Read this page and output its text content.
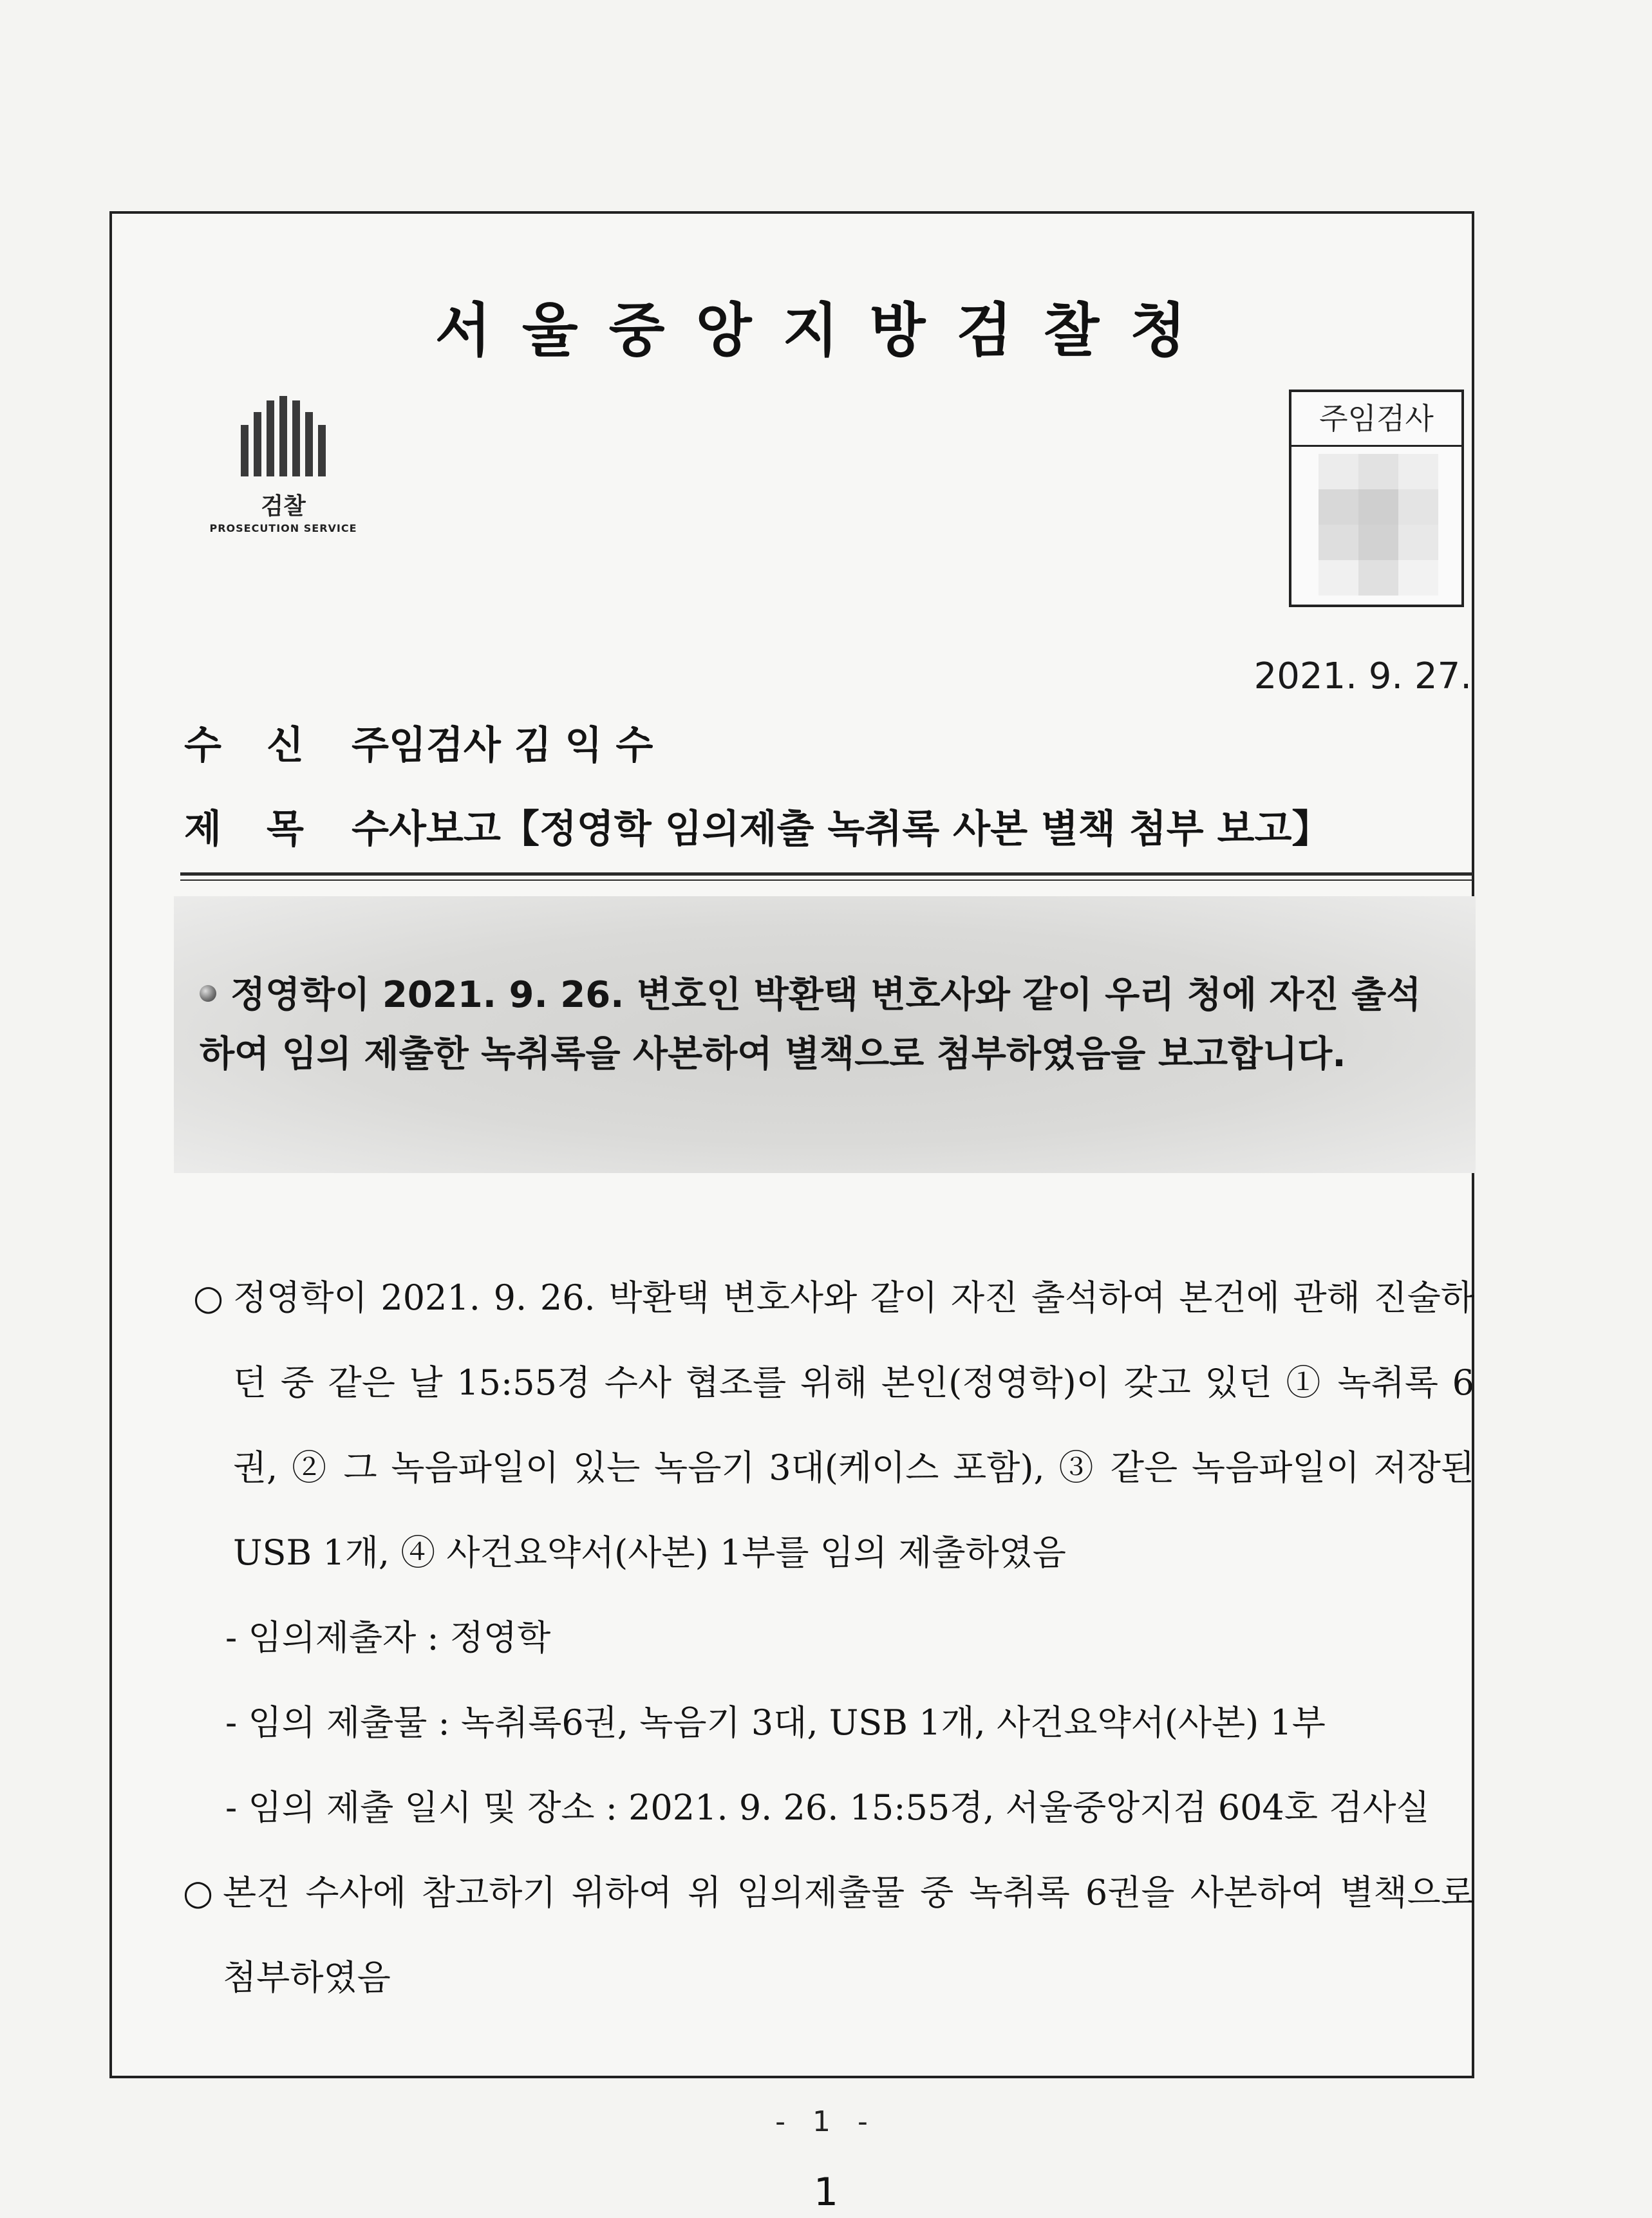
서울중앙지방검찰청
검찰
PROSECUTION SERVICE
주임검사
2021. 9. 27.
수신주임검사 김 익 수
제목수사보고【정영학 임의제출 녹취록 사본 별책 첨부 보고】
정영학이 2021. 9. 26. 변호인 박환택 변호사와 같이 우리 청에 자진 출석하여 임의 제출한 녹취록을 사본하여 별책으로 첨부하였음을 보고합니다.
○ 정영학이 2021. 9. 26. 박환택 변호사와 같이 자진 출석하여 본건에 관해 진술하던 중 같은 날 15:55경 수사 협조를 위해 본인(정영학)이 갖고 있던 ① 녹취록 6권, ② 그 녹음파일이 있는 녹음기 3대(케이스 포함), ③ 같은 녹음파일이 저장된 USB 1개, ④ 사건요약서(사본) 1부를 임의 제출하였음

- 임의제출자 : 정영학

- 임의 제출물 : 녹취록6권, 녹음기 3대, USB 1개, 사건요약서(사본) 1부

- 임의 제출 일시 및 장소 : 2021. 9. 26. 15:55경, 서울중앙지검 604호 검사실

○ 본건 수사에 참고하기 위하여 위 임의제출물 중 녹취록 6권을 사본하여 별책으로 첨부하였음
- 1 -
1
